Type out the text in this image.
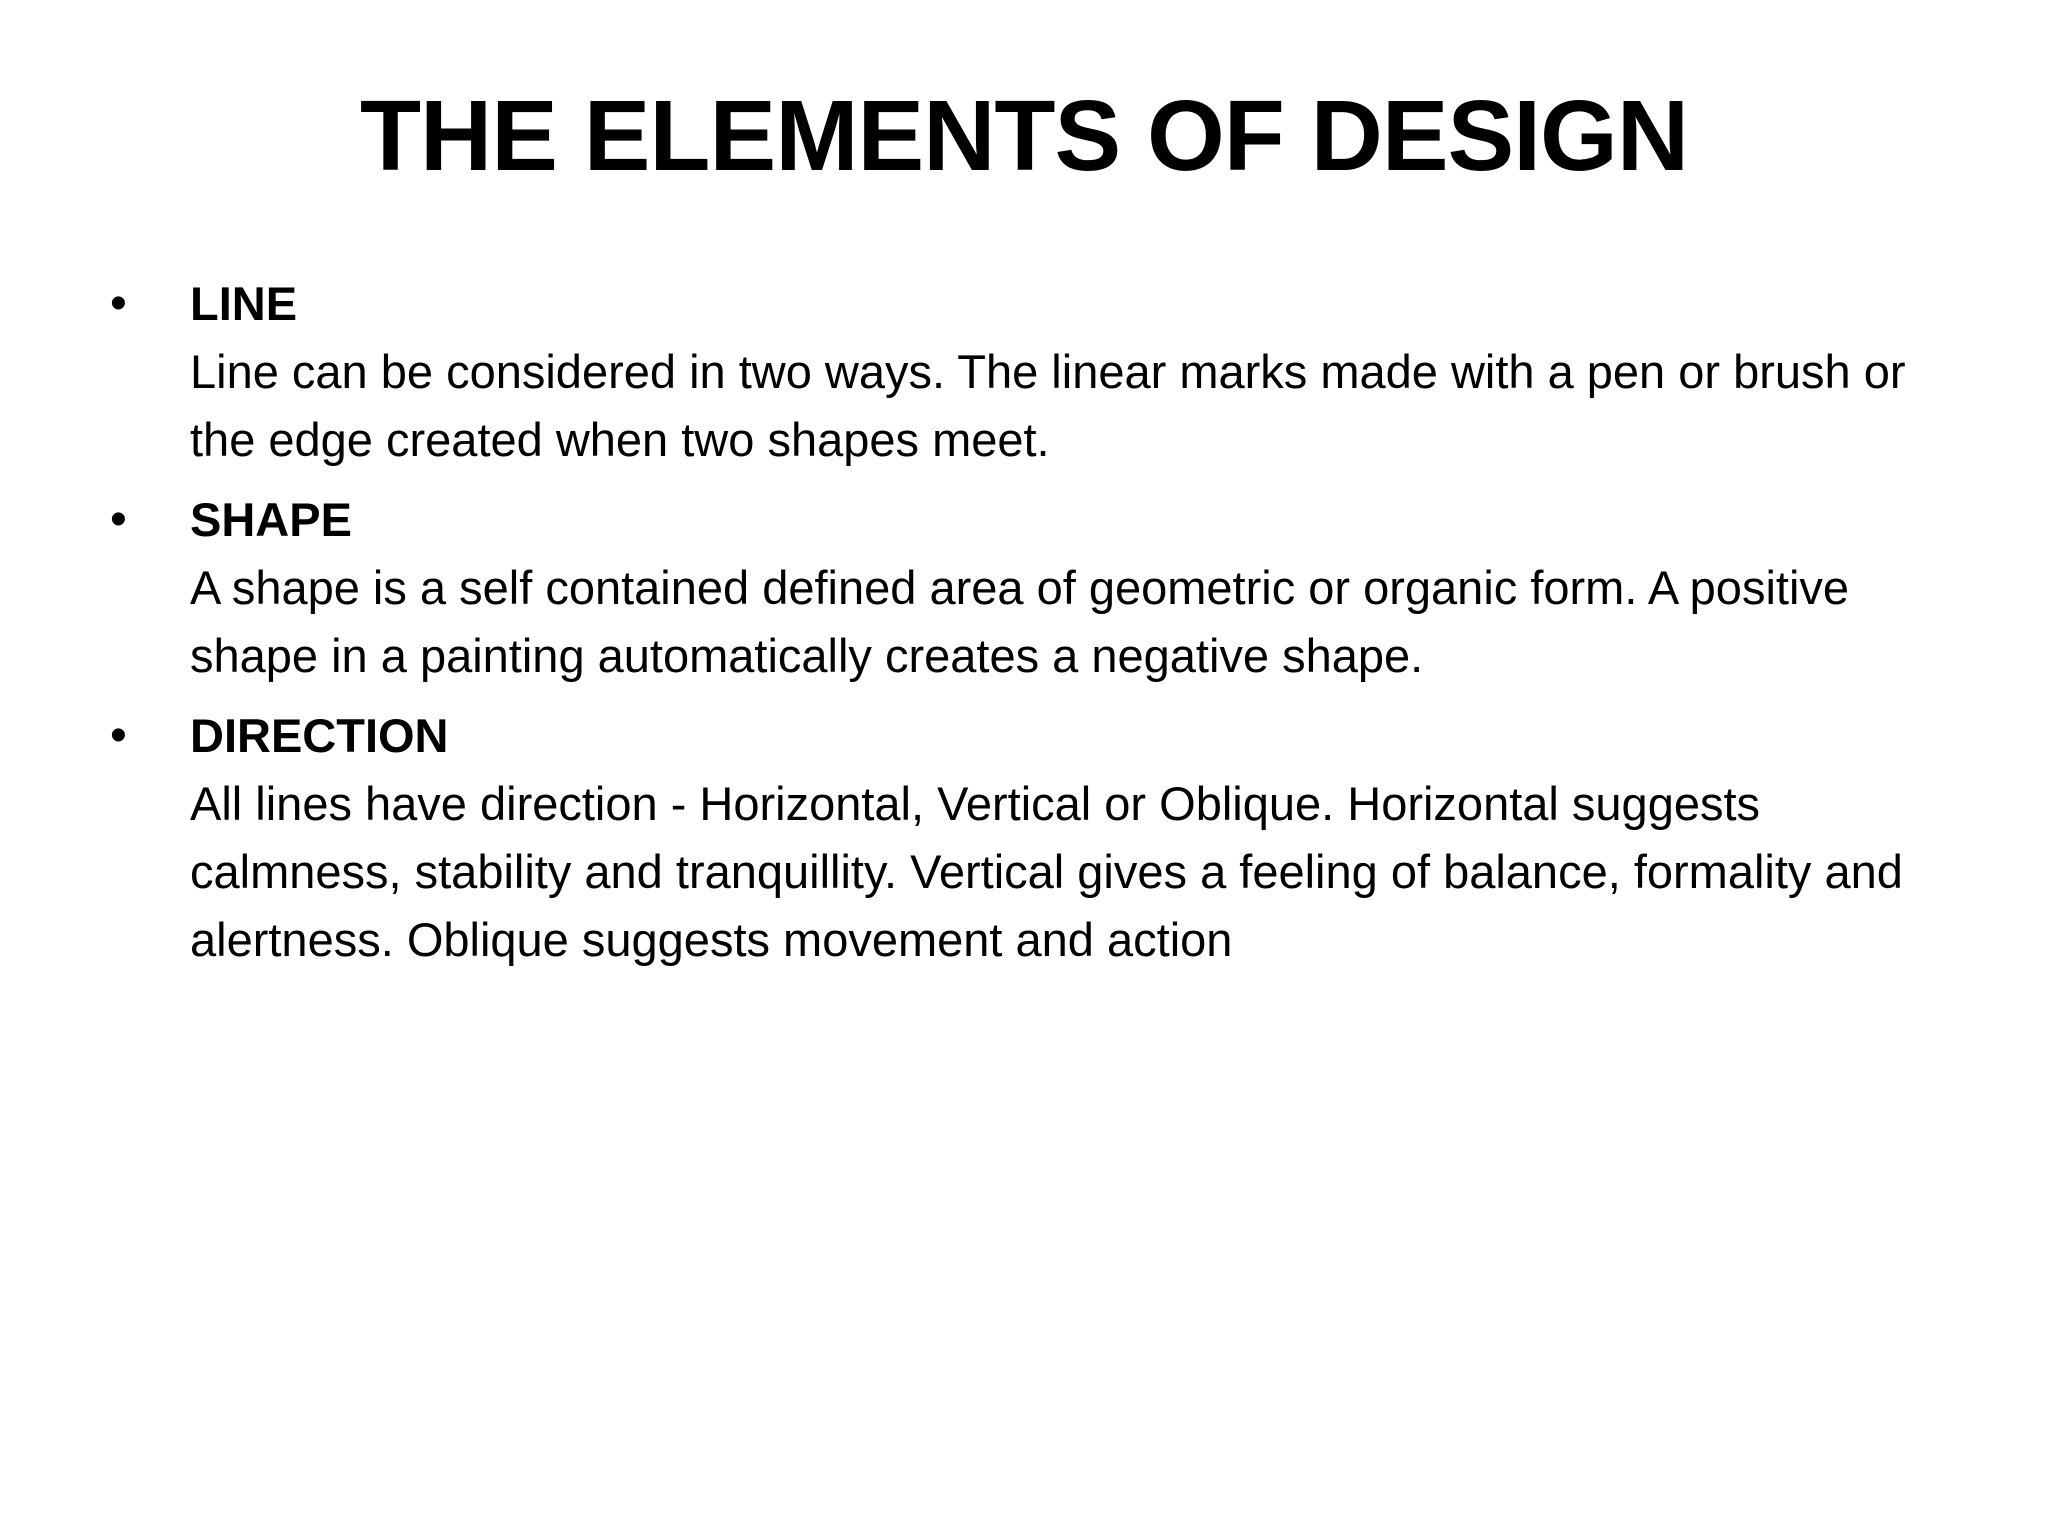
THE ELEMENTS OF DESIGN
• LINE
Line can be considered in two ways. The linear marks made with a pen or brush or the edge created when two shapes meet.
• SHAPE
A shape is a self contained defined area of geometric or organic form. A positive shape in a painting automatically creates a negative shape.
• DIRECTION
All lines have direction - Horizontal, Vertical or Oblique. Horizontal suggests calmness, stability and tranquillity. Vertical gives a feeling of balance, formality and alertness. Oblique suggests movement and action
